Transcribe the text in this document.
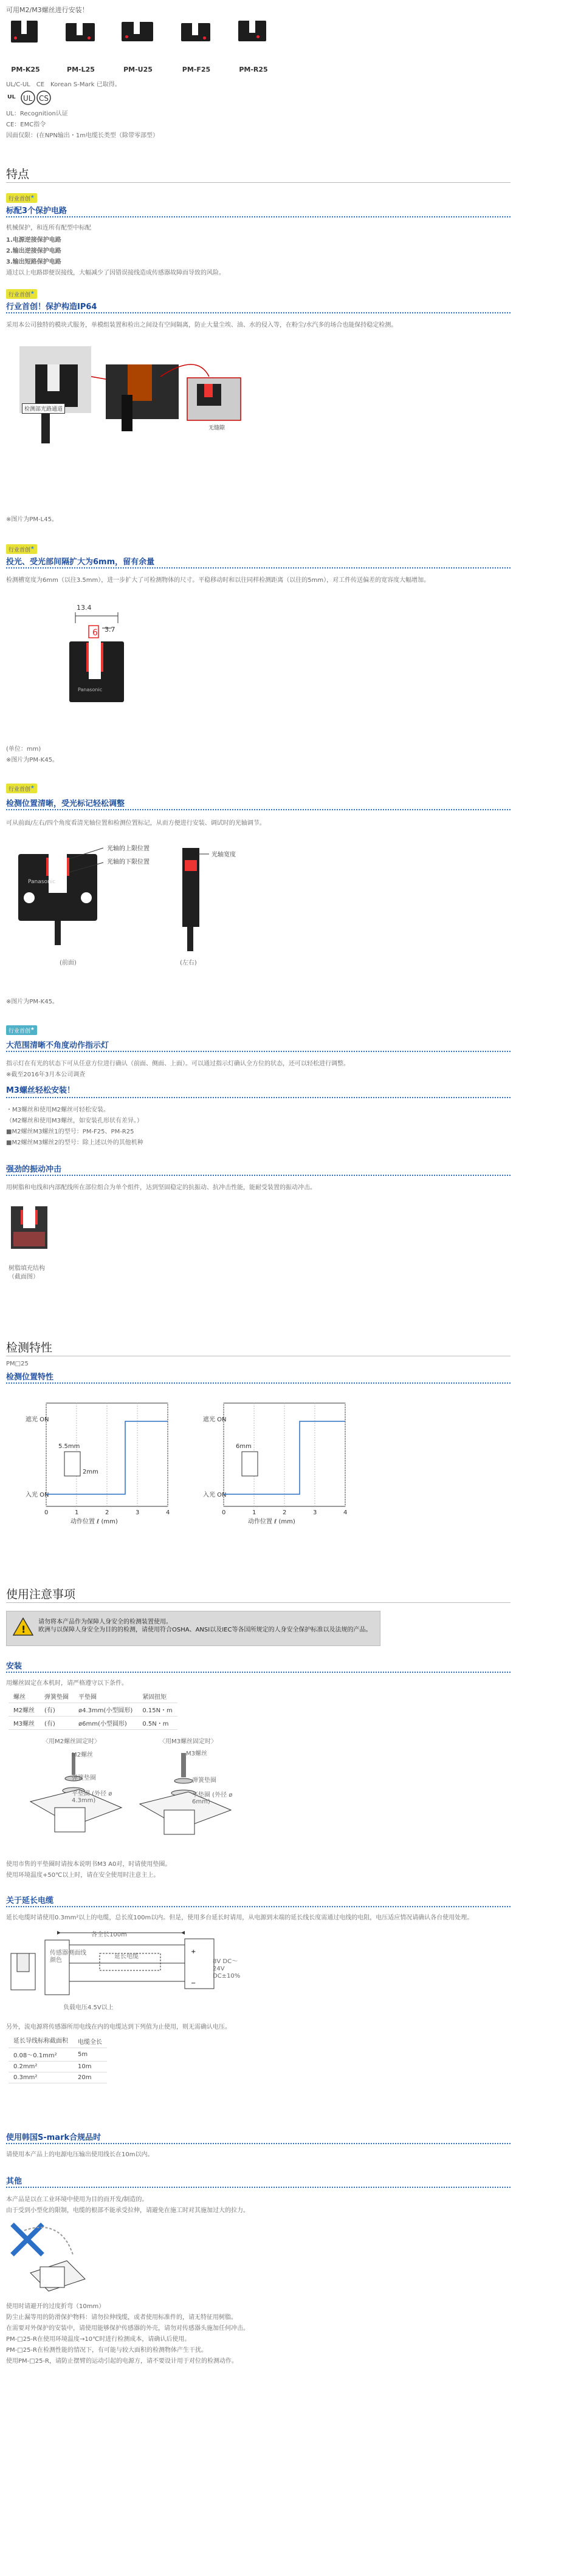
可用M2/M3螺丝进行安装！
PM-K25	PM-L25	PM-U25	PM-F25	PM-R25
UL/C-UL　CE　Korean S-Mark 已取得。
ᵁᴸ UL CS
UL：Recognition认证
CE：EMC指令
因面仅限：(在NPN输出・1m电缆长类型（除带零部型）
特点
行业首创★
标配3个保护电路
机械保护，和连所有配型中标配
1.电源逆接保护电路
2.输出逆接保护电路
3.输出短路保护电路
通过以上电路即便误接线，大幅减少了因错误接线造成传感器故障而导致的风险。
行业首创★
行业首创！保护构造IP64
采用本公司独特的模块式服务，单模组装置和检出之间设有空间隔离，防止大量尘埃、油、水的侵入等，在粉尘/水汽多的场合也能保持稳定检测。
检测部光路通道
无缝隙
※图片为PM-L45。
行业首创★
投光、受光部间隔扩大为6mm，留有余量
检测槽宽度为6mm（以往3.5mm），进一步扩大了可检测物体的尺寸。平稳移动时和以往同样检测距离（以往的5mm），对工件传送偏差的宽容度大幅增加。
Panasonic
13.4
6 3.7
(单位：mm)
※图片为PM-K45。
行业首创★
检测位置清晰，受光标记轻松调整
可从前面/左右/四个角度看清光轴位置和检测位置标记，从而方便进行安装、调试时的光轴调节。
Panasonic
光轴的上限位置
光轴的下限位置
光轴宽度
(前面)	(左右)
※图片为PM-K45。
行业首创★
大范围清晰不角度动作指示灯
指示灯在有光的状态下可从任意方位进行确认（前面、侧面、上面）。可以通过指示灯确认全方位的状态，还可以轻松进行调整。
※截至2016年3月本公司调查
M3螺丝轻松安装！
・M3螺丝和使用M2螺丝可轻松安装。
（M2螺丝和使用M3螺丝，如安装孔形状有差异。）
■M2螺丝M3螺丝1的型号：PM-F25、PM-R25
■M2螺丝M3螺丝2的型号：除上述以外的其他机种
强劲的振动冲击
用树脂和电线和内部配线所在部位组合为单个组件，达到坚固稳定的抗振动、抗冲击性能，能耐受装置的振动冲击。
树脂填充结构
（截面图）
检测特性
PM□25
检测位置特性
0	1	2	3	4
遮光 ON
入光 ON
动作位置 ℓ (mm)
5.5mm
2mm
0	1	2	3	4
遮光 ON
入光 ON
动作位置 ℓ (mm)
6mm
使用注意事项
!
请勿将本产品作为保障人身安全的检测装置使用。
欧洲与以保障人身安全为目的的检测，请使用符合OSHA、ANSI以及IEC等各国所规定的人身安全保护标准以及法规的产品。
安装
用螺丝固定在本机时，请严格遵守以下条件。
螺丝	弹簧垫圈	平垫圈	紧固扭矩
M2螺丝	(有)	ø4.3mm(小型圆形)	0.15N・m
M3螺丝	(有)	ø6mm(小型圆形)	0.5N・m
〈用M2螺丝固定时〉	〈用M3螺丝固定时〉
M2螺丝	M3螺丝
弹簧垫圈	弹簧垫圈
平垫圈 (外径 ø 4.3mm)
平垫圈 (外径 ø 6mm)
使用市售的平垫圈时请按本说明书M3 A0对，时请使用垫圈。
使用环境温度+50℃以上时，请在安全使用时注意主上。
关于延长电缆
延长电缆时请使用0.3mm²以上的电缆，总长度100m以内。但是，使用多台延长时请用，从电源到末端的延长线长度需通过电线的电阻，电压适应情况请确认各台使用处理。
+
−
各全长100m
传感器侧面线颜色
延长电缆
负载电压4.5V以上
8V DC～24V DC±10%
另外，流电源将传感器所用电线在内的电缆达到下列值为止使用，则无需确认电压。
延长导线标称截面积	电缆全长
0.08～0.1mm²	5m
0.2mm²	10m
0.3mm²	20m
使用韩国S-mark合规品时
请使用本产品上的电源电压输出使用线长在10m以内。
其他
本产品是以在工业环境中使用为目的而开发/制造的。
由于受到小型化的限制，电缆的根部不能承受拉伸，请避免在施工时对其施加过大的拉力。
使用时请避开的过度折弯（10mm）
防尘止漏等用的防滑保护物料：请勿拉伸线缆，或者使用标准件的，请无特征用树脂。
在需要对外保护的安装中，请使用能够保护传感器的外壳，请勿对传感器头施加任何冲击。
PM-□25-R在使用环境温度→10℃时进行检测成本，请确认后使用。
PM-□25-R在检测性能的情况下，有可能与较大面积的检测物体产生干扰。
使用PM-□25-R，请防止摆臂的运动引起的电源方，请不要设计用于对位的检测动作。
